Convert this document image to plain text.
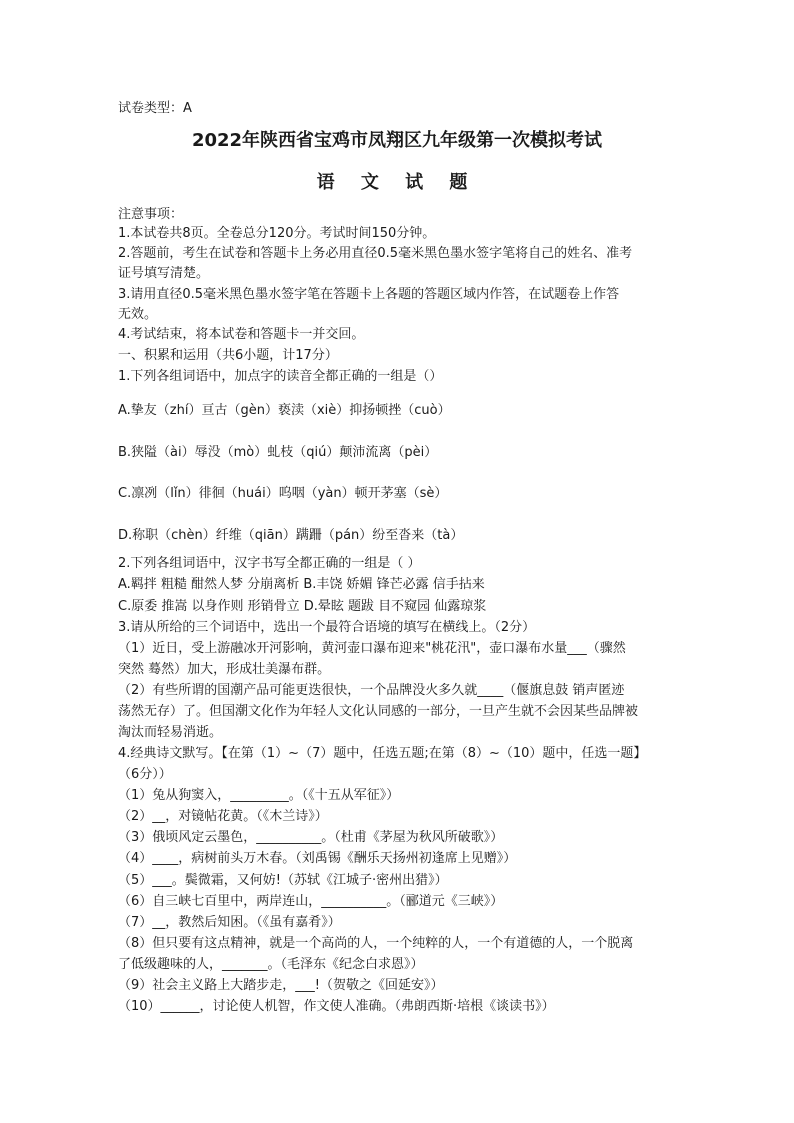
试卷类型：A
2022年陕西省宝鸡市凤翔区九年级第一次模拟考试
语 文 试 题
注意事项：
1.本试卷共8页。全卷总分120分。考试时间150分钟。
2.答题前，考生在试卷和答题卡上务必用直径0.5毫米黑色墨水签字笔将自己的姓名、准考
证号填写清楚。
3.请用直径0.5毫米黑色墨水签字笔在答题卡上各题的答题区域内作答，在试题卷上作答
无效。
4.考试结束，将本试卷和答题卡一并交回。
一、积累和运用（共6小题，计17分）
1.下列各组词语中，加点字的读音全都正确的一组是（）
A.挚友（zhí）亘古（gèn）亵渎（xiè）抑扬顿挫（cuò）
B.狭隘（ài）辱没（mò）虬枝（qiú）颠沛流离（pèi）
C.凛冽（lǐn）徘徊（huái）呜咽（yàn）顿开茅塞（sè）
D.称职（chèn）纤维（qiān）蹒跚（pán）纷至沓来（tà）
2.下列各组词语中，汉字书写全都正确的一组是（ ）
A.羁拌 粗糙 酣然人梦 分崩离析 B.丰饶 娇媚 锋芒必露 信手拈来
C.原委 推嵩 以身作则 形销骨立 D.晕眩 题跋 目不窥园 仙露琼浆
3.请从所给的三个词语中，选出一个最符合语境的填写在横线上。（2分）
（1）近日，受上游融冰开河影响，黄河壶口瀑布迎来"桃花汛"，壶口瀑布水量___（骤然
突然 蓦然）加大，形成壮美瀑布群。
（2）有些所谓的国潮产品可能更迭很快，一个品牌没火多久就____（偃旗息鼓 销声匿迹
荡然无存）了。但国潮文化作为年轻人文化认同感的一部分，一旦产生就不会因某些品牌被
淘汰而轻易消逝。
4.经典诗文默写。【在第（1）~（7）题中，任选五题;在第（8）~（10）题中，任选一题】
（6分））
（1）兔从狗窦入，_________。（《十五从军征》）
（2）__，对镜帖花黄。（《木兰诗》）
（3）俄顷风定云墨色，__________。（杜甫《茅屋为秋风所破歌》）
（4）____，病树前头万木春。（刘禹锡《酬乐天扬州初逢席上见赠》）
（5）___。鬓微霜，又何妨!（苏轼《江城子·密州出猎》）
（6）自三峡七百里中，两岸连山，__________。（郦道元《三峡》）
（7）__，教然后知困。（《虽有嘉肴》）
（8）但只要有这点精神，就是一个高尚的人，一个纯粹的人，一个有道德的人，一个脱离
了低级趣味的人，_______。（毛泽东《纪念白求恩》）
（9）社会主义路上大踏步走，___!（贺敬之《回延安》）
（10）______，讨论使人机智，作文使人准确。（弗朗西斯·培根《谈读书》）
